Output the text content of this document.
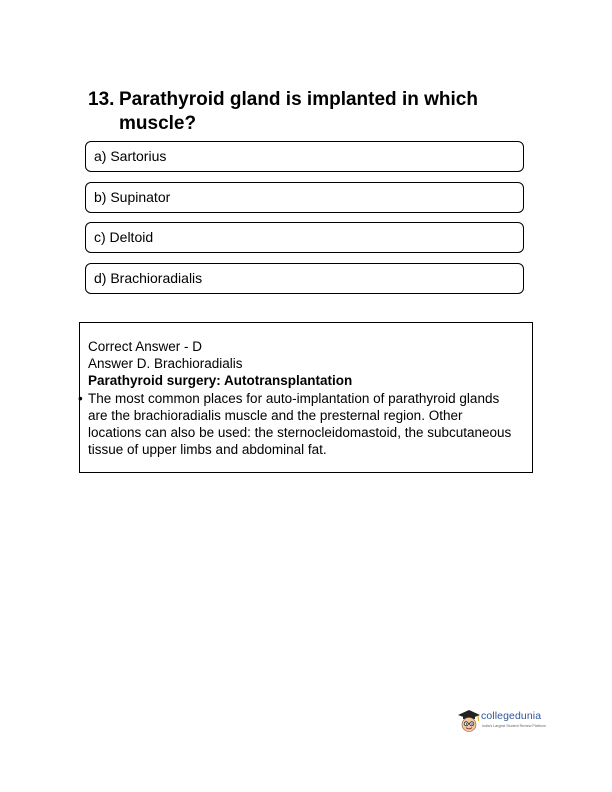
13. Parathyroid gland is implanted in which muscle?
a) Sartorius
b) Supinator
c) Deltoid
d) Brachioradialis
Correct Answer - D
Answer D. Brachioradialis
Parathyroid surgery: Autotransplantation
• The most common places for auto-implantation of parathyroid glands are the brachioradialis muscle and the presternal region. Other locations can also be used: the sternocleidomastoid, the subcutaneous tissue of upper limbs and abdominal fat.
collegedunia
India's Largest Student Review Platform
